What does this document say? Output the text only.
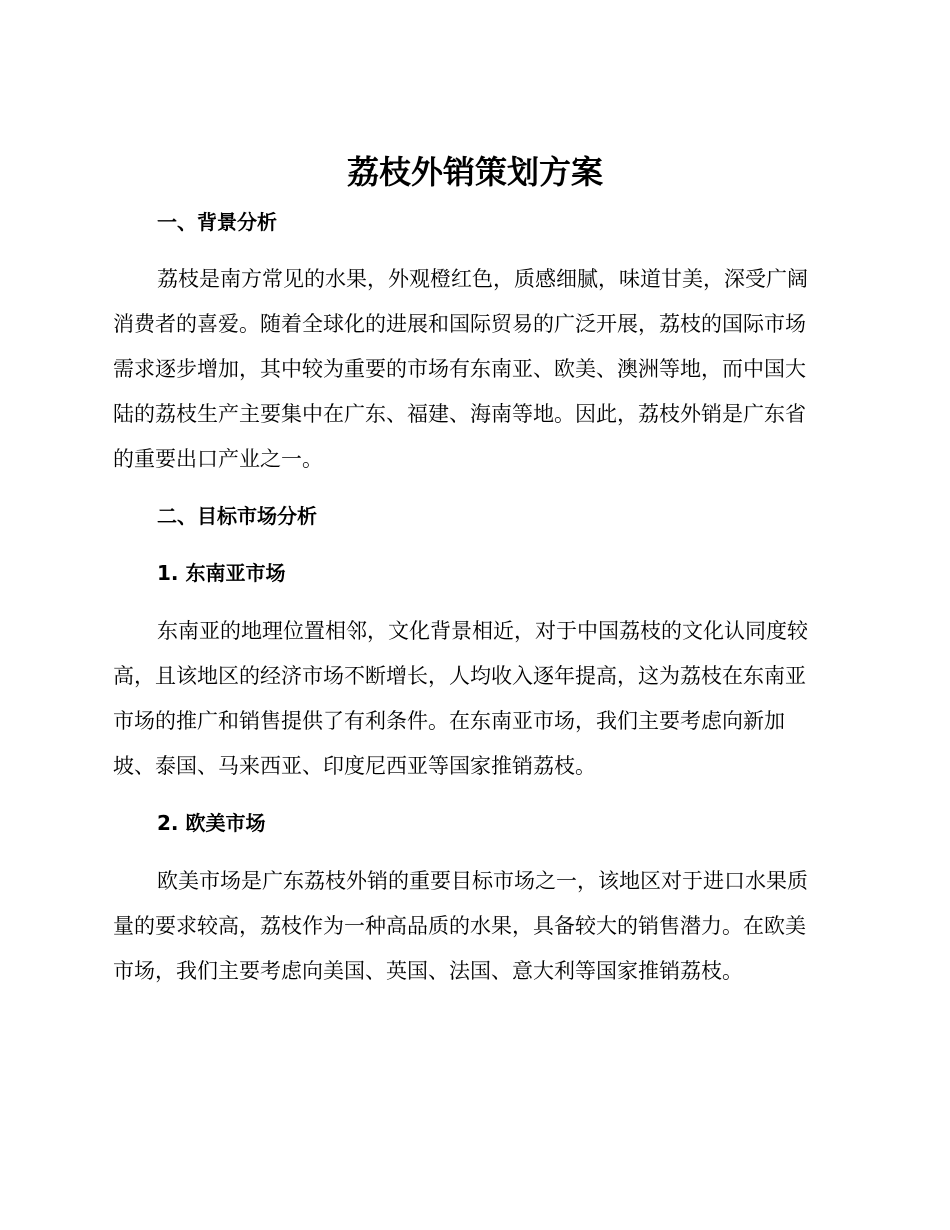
荔枝外销策划方案
一、背景分析
荔枝是南方常见的水果，外观橙红色，质感细腻，味道甘美，深受广阔
消费者的喜爱。随着全球化的进展和国际贸易的广泛开展，荔枝的国际市场
需求逐步增加，其中较为重要的市场有东南亚、欧美、澳洲等地，而中国大
陆的荔枝生产主要集中在广东、福建、海南等地。因此，荔枝外销是广东省
的重要出口产业之一。
二、目标市场分析
1. 东南亚市场
东南亚的地理位置相邻，文化背景相近，对于中国荔枝的文化认同度较
高，且该地区的经济市场不断增长，人均收入逐年提高，这为荔枝在东南亚
市场的推广和销售提供了有利条件。在东南亚市场，我们主要考虑向新加
坡、泰国、马来西亚、印度尼西亚等国家推销荔枝。
2. 欧美市场
欧美市场是广东荔枝外销的重要目标市场之一，该地区对于进口水果质
量的要求较高，荔枝作为一种高品质的水果，具备较大的销售潜力。在欧美
市场，我们主要考虑向美国、英国、法国、意大利等国家推销荔枝。
